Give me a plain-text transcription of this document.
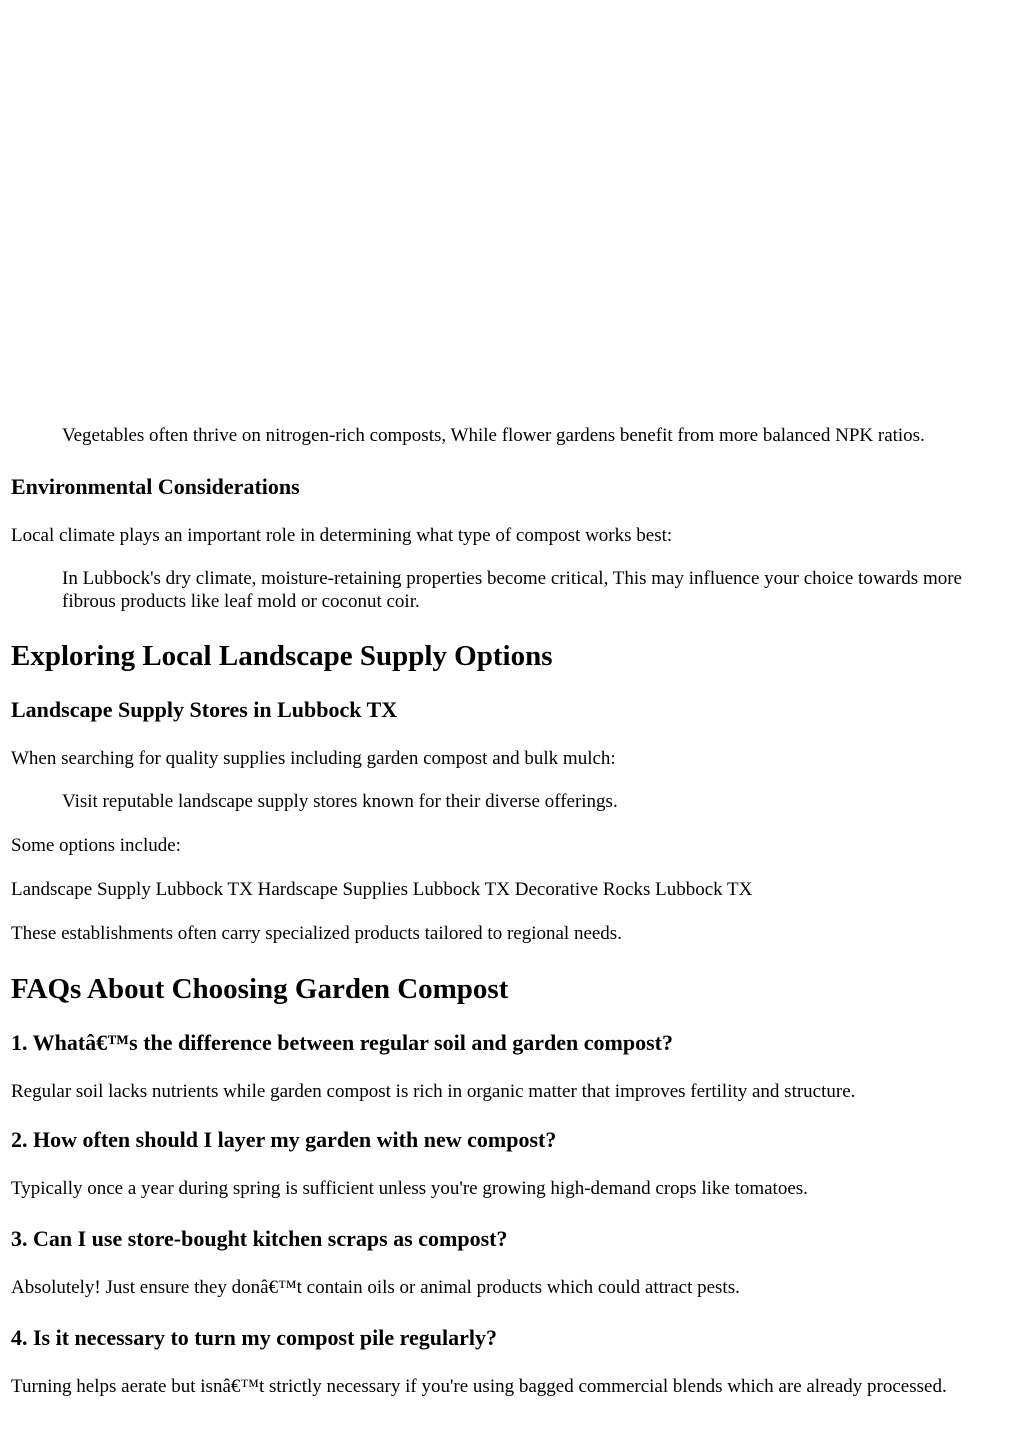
Vegetables often thrive on nitrogen-rich composts, While flower gardens benefit from more balanced NPK ratios.
Environmental Considerations

Local climate plays an important role in determining what type of compost works best:

In Lubbock's dry climate, moisture-retaining properties become critical, This may influence your choice towards more fibrous products like leaf mold or coconut coir.
Exploring Local Landscape Supply Options
Landscape Supply Stores in Lubbock TX

When searching for quality supplies including garden compost and bulk mulch:

Visit reputable landscape supply stores known for their diverse offerings.

Some options include:

Landscape Supply Lubbock TX Hardscape Supplies Lubbock TX Decorative Rocks Lubbock TX

These establishments often carry specialized products tailored to regional needs.

FAQs About Choosing Garden Compost
1. Whatâ€™s the difference between regular soil and garden compost?

Regular soil lacks nutrients while garden compost is rich in organic matter that improves fertility and structure.

2. How often should I layer my garden with new compost?

Typically once a year during spring is sufficient unless you're growing high-demand crops like tomatoes.

3. Can I use store-bought kitchen scraps as compost?

Absolutely! Just ensure they donâ€™t contain oils or animal products which could attract pests.

4. Is it necessary to turn my compost pile regularly?

Turning helps aerate but isnâ€™t strictly necessary if you're using bagged commercial blends which are already processed.
